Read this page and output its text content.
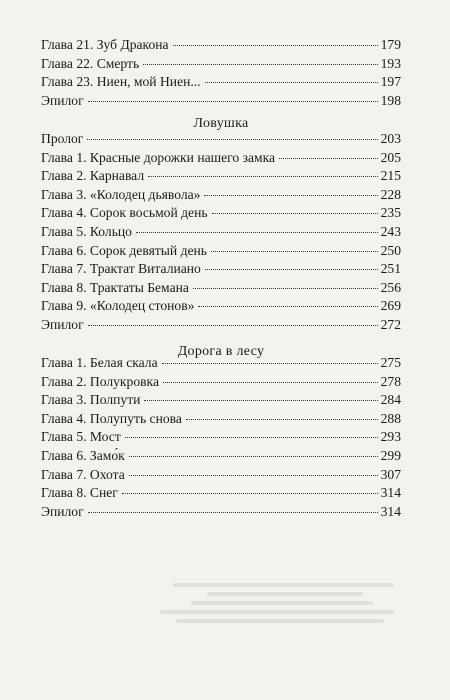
Глава 21. Зуб Дракона	179
Глава 22. Смерть	193
Глава 23. Ниен, мой Ниен...	197
Эпилог	198
Ловушка
Пролог	203
Глава 1. Красные дорожки нашего замка	205
Глава 2. Карнавал	215
Глава 3. «Колодец дьявола»	228
Глава 4. Сорок восьмой день	235
Глава 5. Кольцо	243
Глава 6. Сорок девятый день	250
Глава 7. Трактат Виталиано	251
Глава 8. Трактаты Бемана	256
Глава 9. «Колодец стонов»	269
Эпилог	272
Дорога в лесу
Глава 1. Белая скала	275
Глава 2. Полукровка	278
Глава 3. Полпути	284
Глава 4. Полупуть снова	288
Глава 5. Мост	293
Глава 6. Замо́к	299
Глава 7. Охота	307
Глава 8. Снег	314
Эпилог	314
